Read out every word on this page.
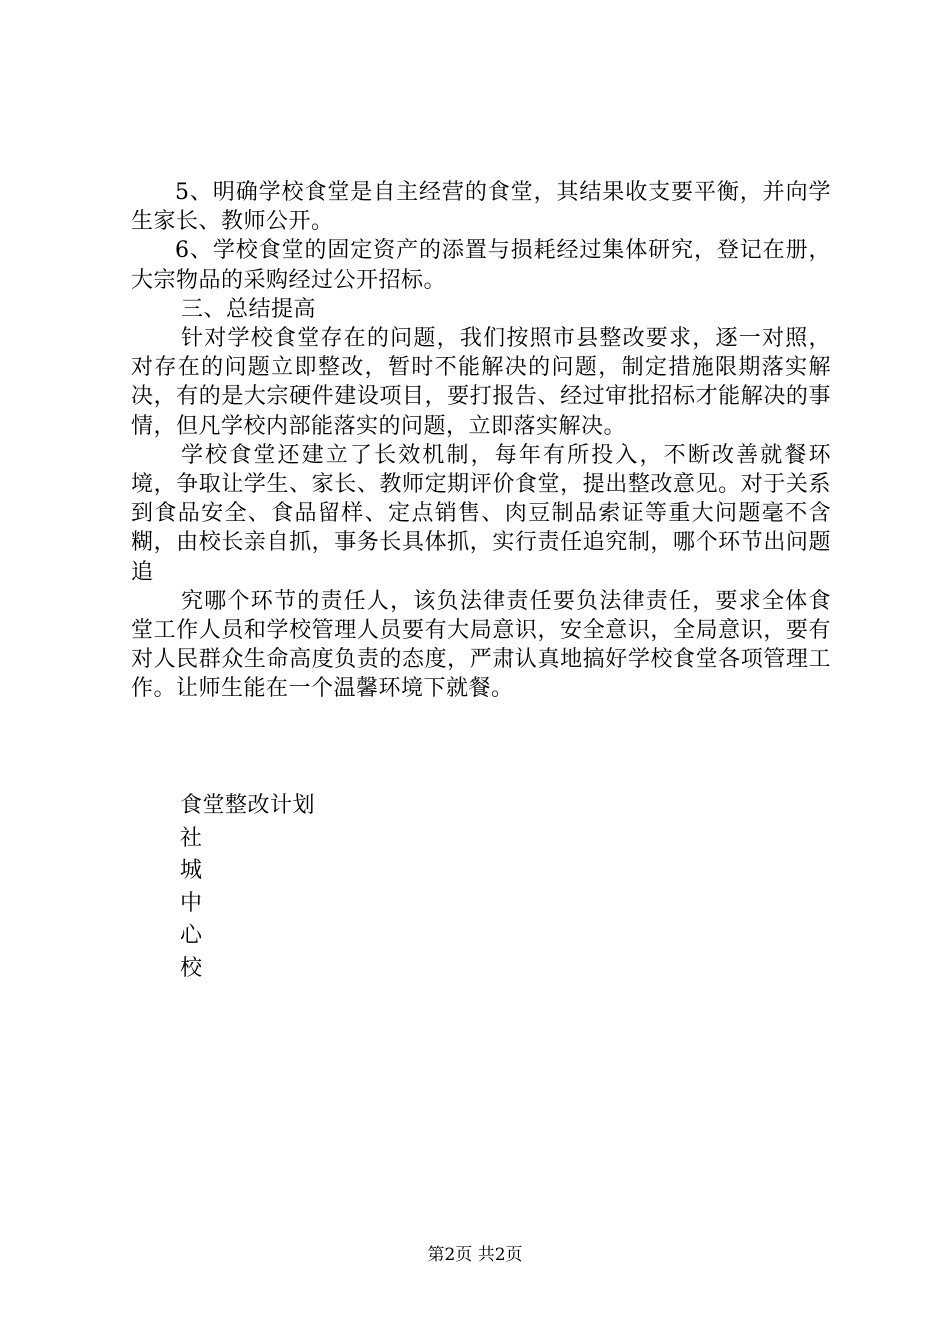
5、明确学校食堂是自主经营的食堂，其结果收支要平衡，并向学生家长、教师公开。

6、学校食堂的固定资产的添置与损耗经过集体研究，登记在册，大宗物品的采购经过公开招标。

三、总结提高

针对学校食堂存在的问题，我们按照市县整改要求，逐一对照，对存在的问题立即整改，暂时不能解决的问题，制定措施限期落实解决，有的是大宗硬件建设项目，要打报告、经过审批招标才能解决的事情，但凡学校内部能落实的问题，立即落实解决。

学校食堂还建立了长效机制，每年有所投入，不断改善就餐环境，争取让学生、家长、教师定期评价食堂，提出整改意见。对于关系到食品安全、食品留样、定点销售、肉豆制品索证等重大问题毫不含糊，由校长亲自抓，事务长具体抓，实行责任追究制，哪个环节出问题追

究哪个环节的责任人，该负法律责任要负法律责任，要求全体食堂工作人员和学校管理人员要有大局意识，安全意识，全局意识，要有对人民群众生命高度负责的态度，严肃认真地搞好学校食堂各项管理工作。让师生能在一个温馨环境下就餐。

食堂整改计划
社
城
中
心
校
第2页 共2页
